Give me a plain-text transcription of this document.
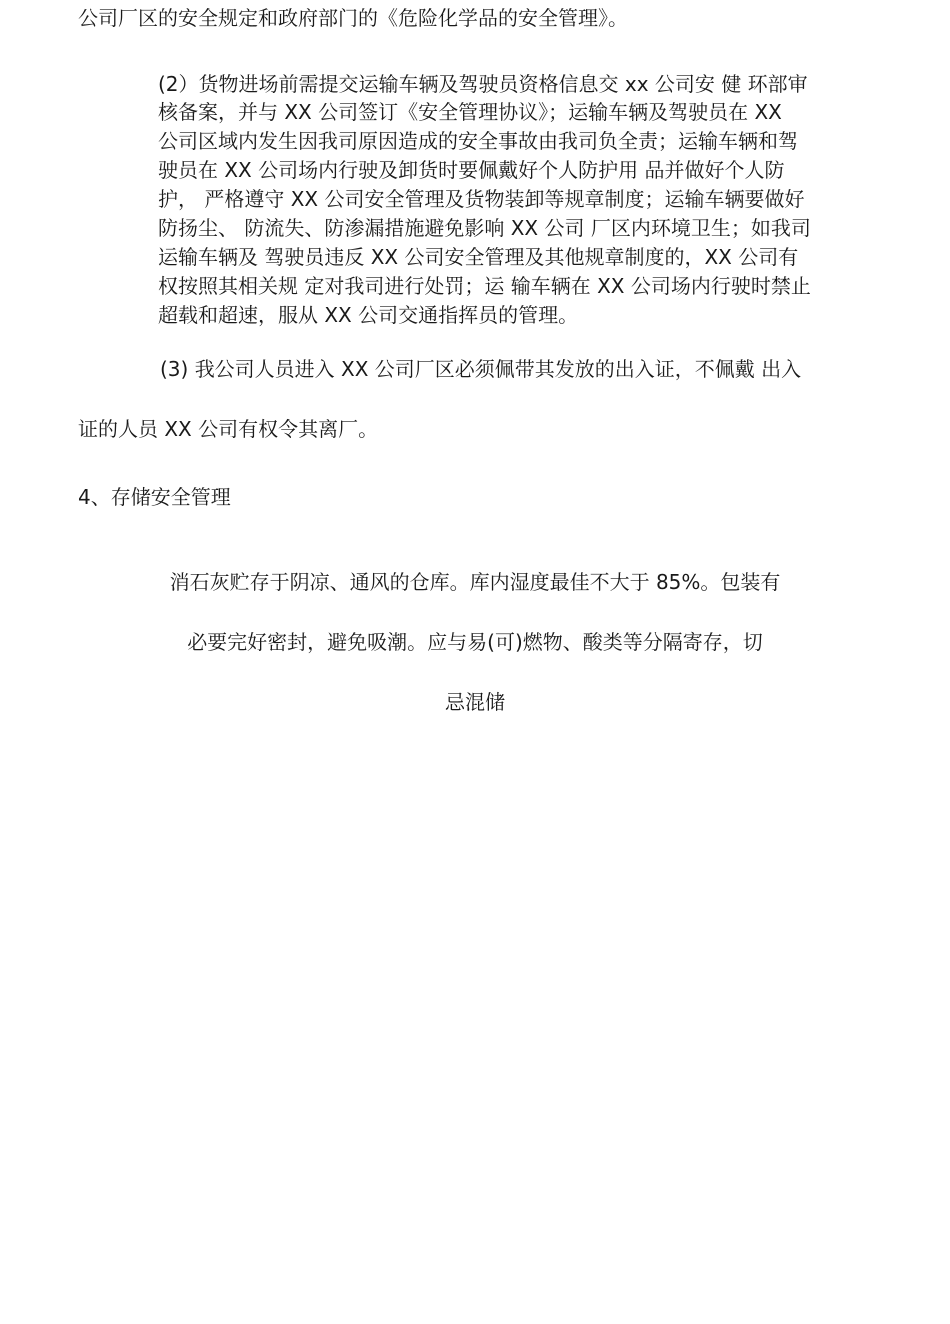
公司厂区的安全规定和政府部门的《危险化学品的安全管理》。
(2）货物进场前需提交运输车辆及驾驶员资格信息交 xx 公司安 健 环部审
核备案，并与 XX 公司签订《安全管理协议》；运输车辆及驾驶员在 XX
公司区域内发生因我司原因造成的安全事故由我司负全责；运输车辆和驾
驶员在 XX 公司场内行驶及卸货时要佩戴好个人防护用 品并做好个人防
护， 严格遵守 XX 公司安全管理及货物装卸等规章制度；运输车辆要做好
防扬尘、 防流失、防渗漏措施避免影响 XX 公司 厂区内环境卫生；如我司
运输车辆及 驾驶员违反 XX 公司安全管理及其他规章制度的，XX 公司有
权按照其相关规 定对我司进行处罚；运 输车辆在 XX 公司场内行驶时禁止
超载和超速，服从 XX 公司交通指挥员的管理。
(3) 我公司人员进入 XX 公司厂区必须佩带其发放的出入证，不佩戴 出入
证的人员 XX 公司有权令其离厂。
4、存储安全管理
消石灰贮存于阴凉、通风的仓库。库内湿度最佳不大于 85%。包装有
必要完好密封，避免吸潮。应与易(可)燃物、酸类等分隔寄存，切
忌混储
